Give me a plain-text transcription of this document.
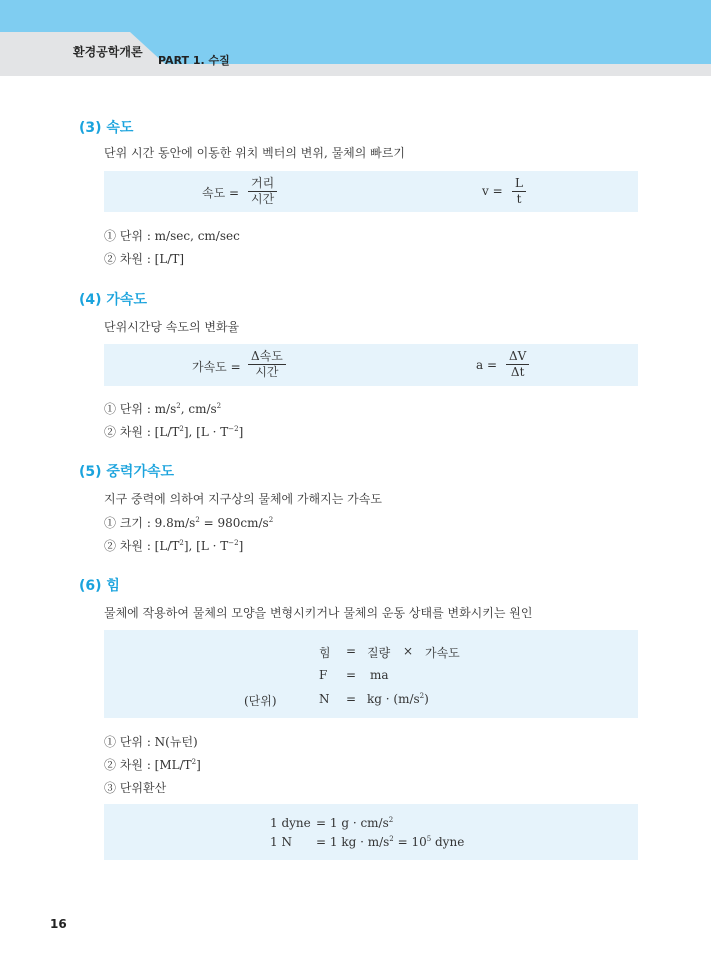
환경공학개론
PART 1. 수질
(3) 속도
단위 시간 동안에 이동한 위치 벡터의 변위, 물체의 빠르기
속도 =
거리
시간
$v = \frac{L}{t}$
① 단위 : m/sec, cm/sec
② 차원 : [L/T]
(4) 가속도
단위시간당 속도의 변화율
가속도 =
Δ속도
시간	$a = \frac{\Delta V}{\Delta t}$
① 단위 : $m/s^2$, $cm/s^2$
② 차원 : $[L/T^2]$, $[L \cdot T^{-2}]$
(5) 중력가속도
지구 중력에 의하여 지구상의 물체에 가해지는 가속도
① 크기 : $9.8m/s^2 = 980cm/s^2$
② 차원 : $[L/T^2]$, $[L \cdot T^{-2}]$
(6) 힘
물체에 작용하여 물체의 모양을 변형시키거나 물체의 운동 상태를 변화시키는 원인
힘 = 질량 × 가속도
F = ma
(단위)	N = kg · $(m/s^2)$
① 단위 : N(뉴턴)
② 차원 : $[ML/T^2]$
③ 단위환산
1 dyne = 1 $g \cdot cm/s^2$
1 N = 1 kg · $m/s^2 = 10^5$ dyne
16
